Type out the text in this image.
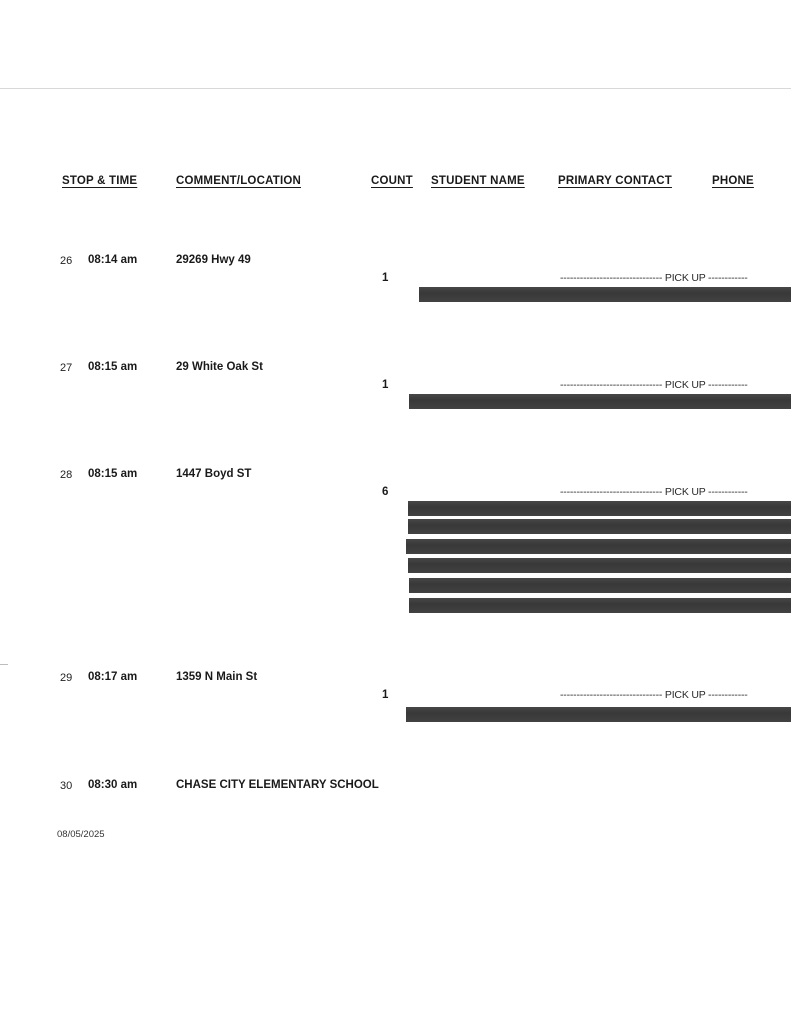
STOP & TIME	COMMENT/LOCATION	COUNT STUDENT NAME	PRIMARY CONTACT	PHONE
26 08:14 am	29269 Hwy 49
1	------------------------------- PICK UP ------------
27 08:15 am	29 White Oak St
1	------------------------------- PICK UP ------------
28 08:15 am	1447 Boyd ST
6	------------------------------- PICK UP ------------
29 08:17 am	1359 N Main St
1	------------------------------- PICK UP ------------
30 08:30 am	CHASE CITY ELEMENTARY SCHOOL
08/05/2025
